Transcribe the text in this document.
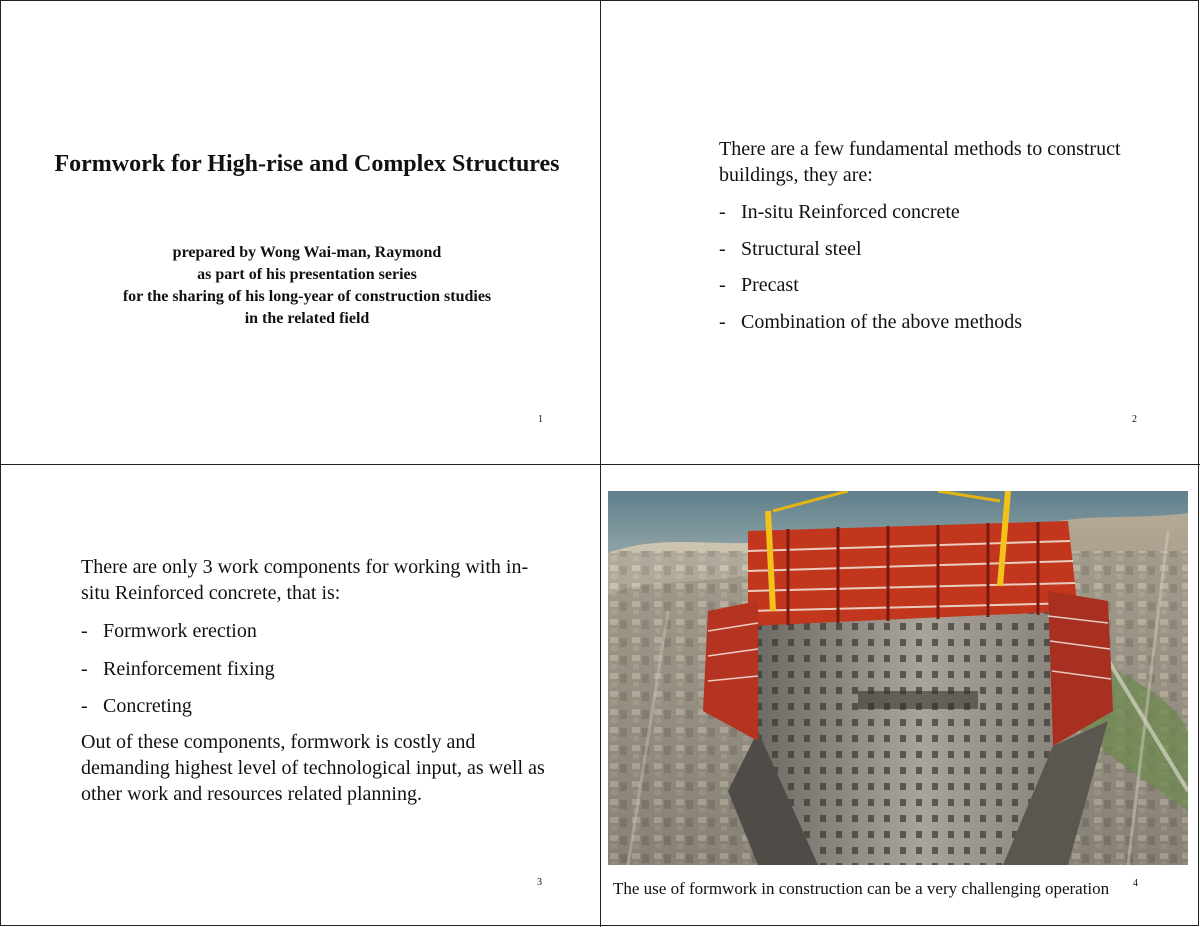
Formwork for High-rise and Complex Structures
prepared by Wong Wai-man, Raymond
as part of his presentation series
for the sharing of his long-year of construction studies
in the related field
1
There are a few fundamental methods to construct buildings, they are:
- In-situ Reinforced concrete
- Structural steel
- Precast
- Combination of the above methods
2
There are only 3 work components for working with in-situ Reinforced concrete, that is:
- Formwork erection
- Reinforcement fixing
- Concreting
Out of these components, formwork is costly and demanding highest level of technological input, as well as other work and resources related planning.
3	The use of formwork in construction can be a very challenging operation 4
